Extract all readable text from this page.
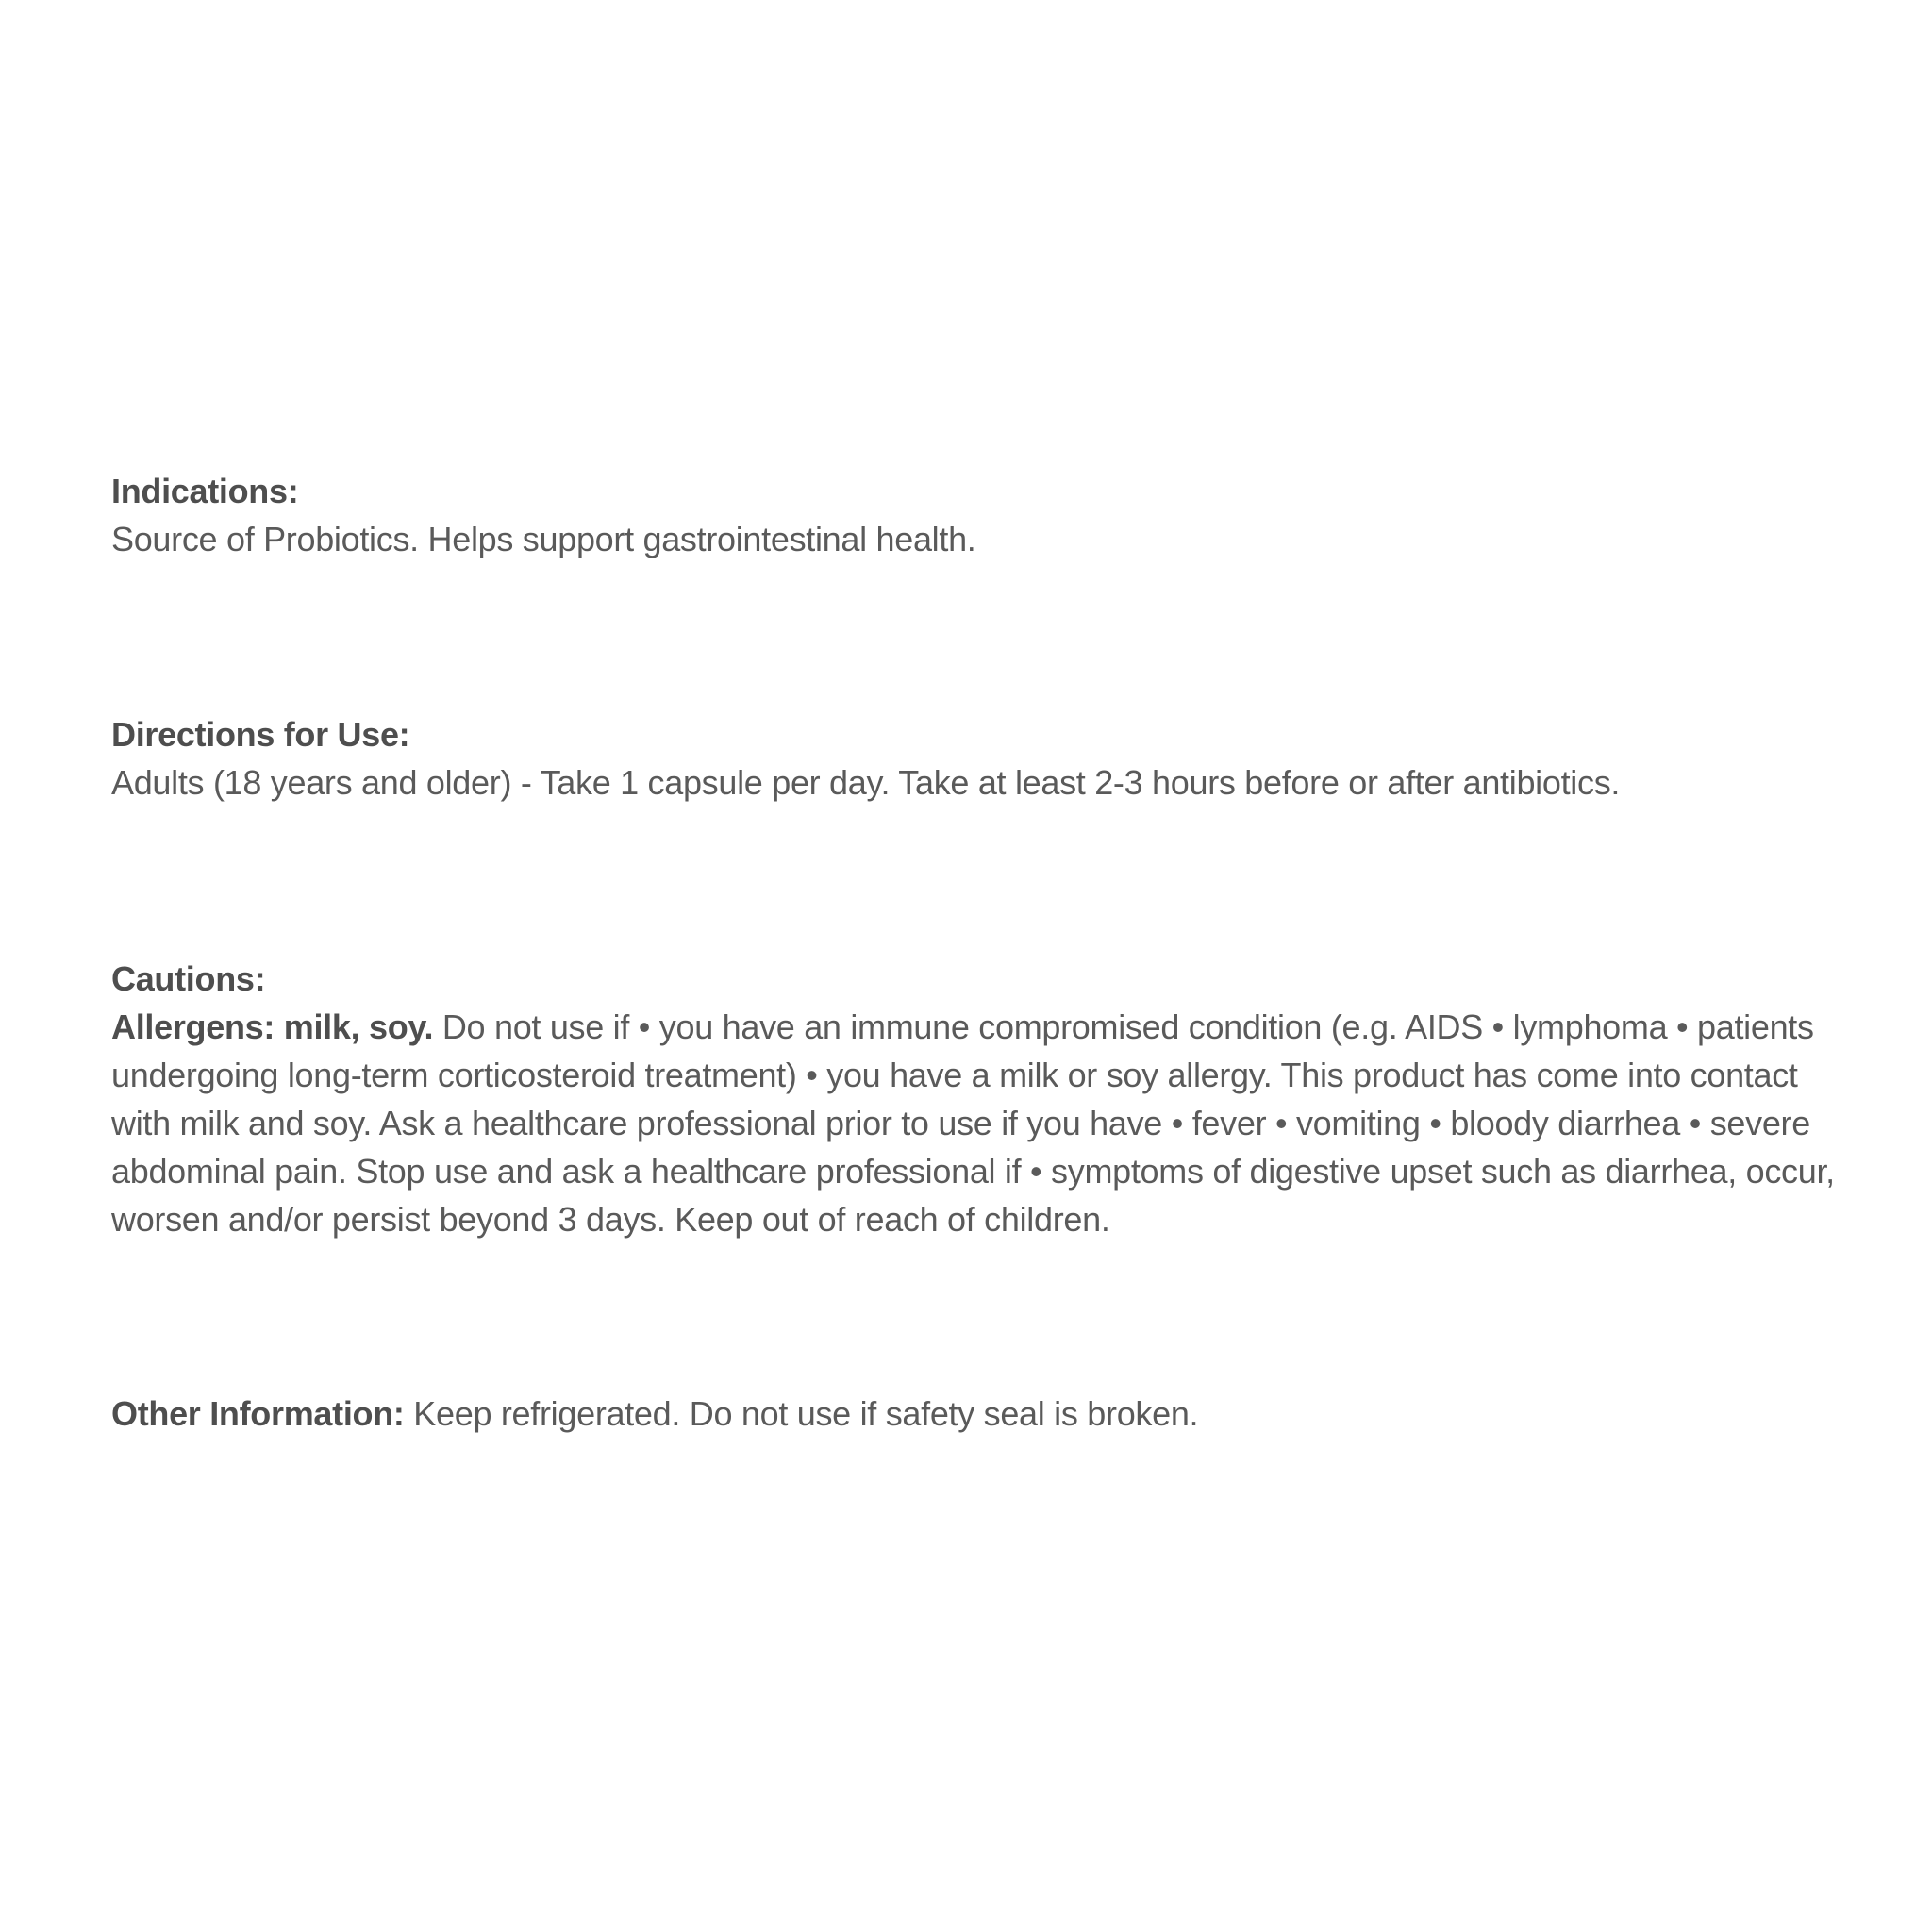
Indications:
Source of Probiotics. Helps support gastrointestinal health.
Directions for Use:
Adults (18 years and older) - Take 1 capsule per day. Take at least 2-3 hours before or after antibiotics.
Cautions:
Allergens: milk, soy. Do not use if • you have an immune compromised condition (e.g. AIDS • lymphoma • patients undergoing long-term corticosteroid treatment) • you have a milk or soy allergy. This product has come into contact with milk and soy. Ask a healthcare professional prior to use if you have • fever • vomiting • bloody diarrhea • severe abdominal pain. Stop use and ask a healthcare professional if • symptoms of digestive upset such as diarrhea, occur, worsen and/or persist beyond 3 days. Keep out of reach of children.
Other Information: Keep refrigerated. Do not use if safety seal is broken.
